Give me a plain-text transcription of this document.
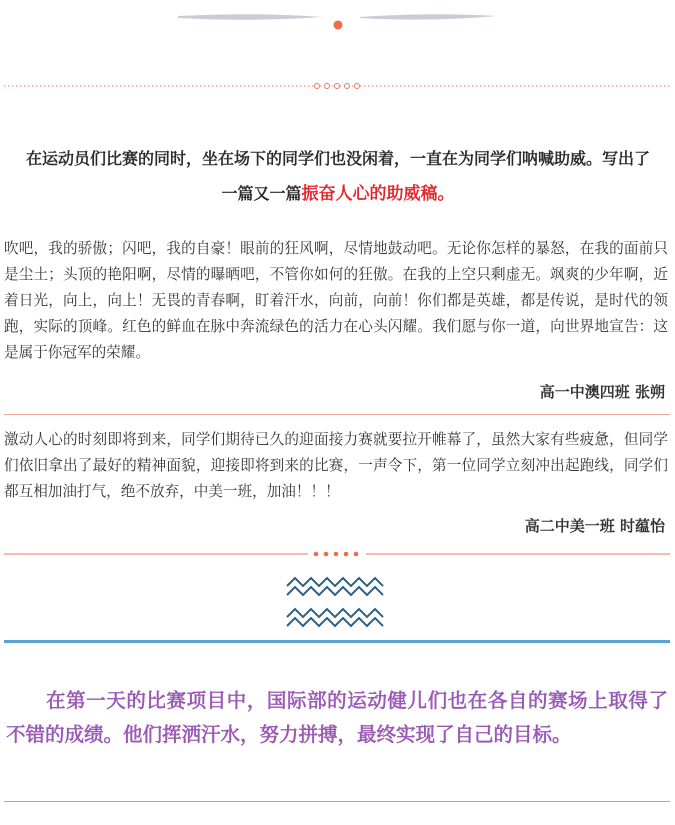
在运动员们比赛的同时，坐在场下的同学们也没闲着，一直在为同学们呐喊助威。写出了
一篇又一篇振奋人心的助威稿。
吹吧，我的骄傲；闪吧，我的自豪！眼前的狂风啊，尽情地鼓动吧。无论你怎样的暴怒，在我的面前只是尘土；头顶的艳阳啊，尽情的曝晒吧，不管你如何的狂傲。在我的上空只剩虚无。飒爽的少年啊，近着日光，向上，向上！无畏的青春啊，盯着汗水，向前，向前！你们都是英雄，都是传说，是时代的领跑，实际的顶峰。红色的鲜血在脉中奔流绿色的活力在心头闪耀。我们愿与你一道，向世界地宣告：这是属于你冠军的荣耀。
高一中澳四班 张朔
激动人心的时刻即将到来，同学们期待已久的迎面接力赛就要拉开帷幕了，虽然大家有些疲惫，但同学们依旧拿出了最好的精神面貌，迎接即将到来的比赛，一声令下，第一位同学立刻冲出起跑线，同学们都互相加油打气，绝不放弃，中美一班，加油！！！
高二中美一班 时蕴怡
在第一天的比赛项目中，国际部的运动健儿们也在各自的赛场上取得了不错的成绩。他们挥洒汗水，努力拼搏，最终实现了自己的目标。
